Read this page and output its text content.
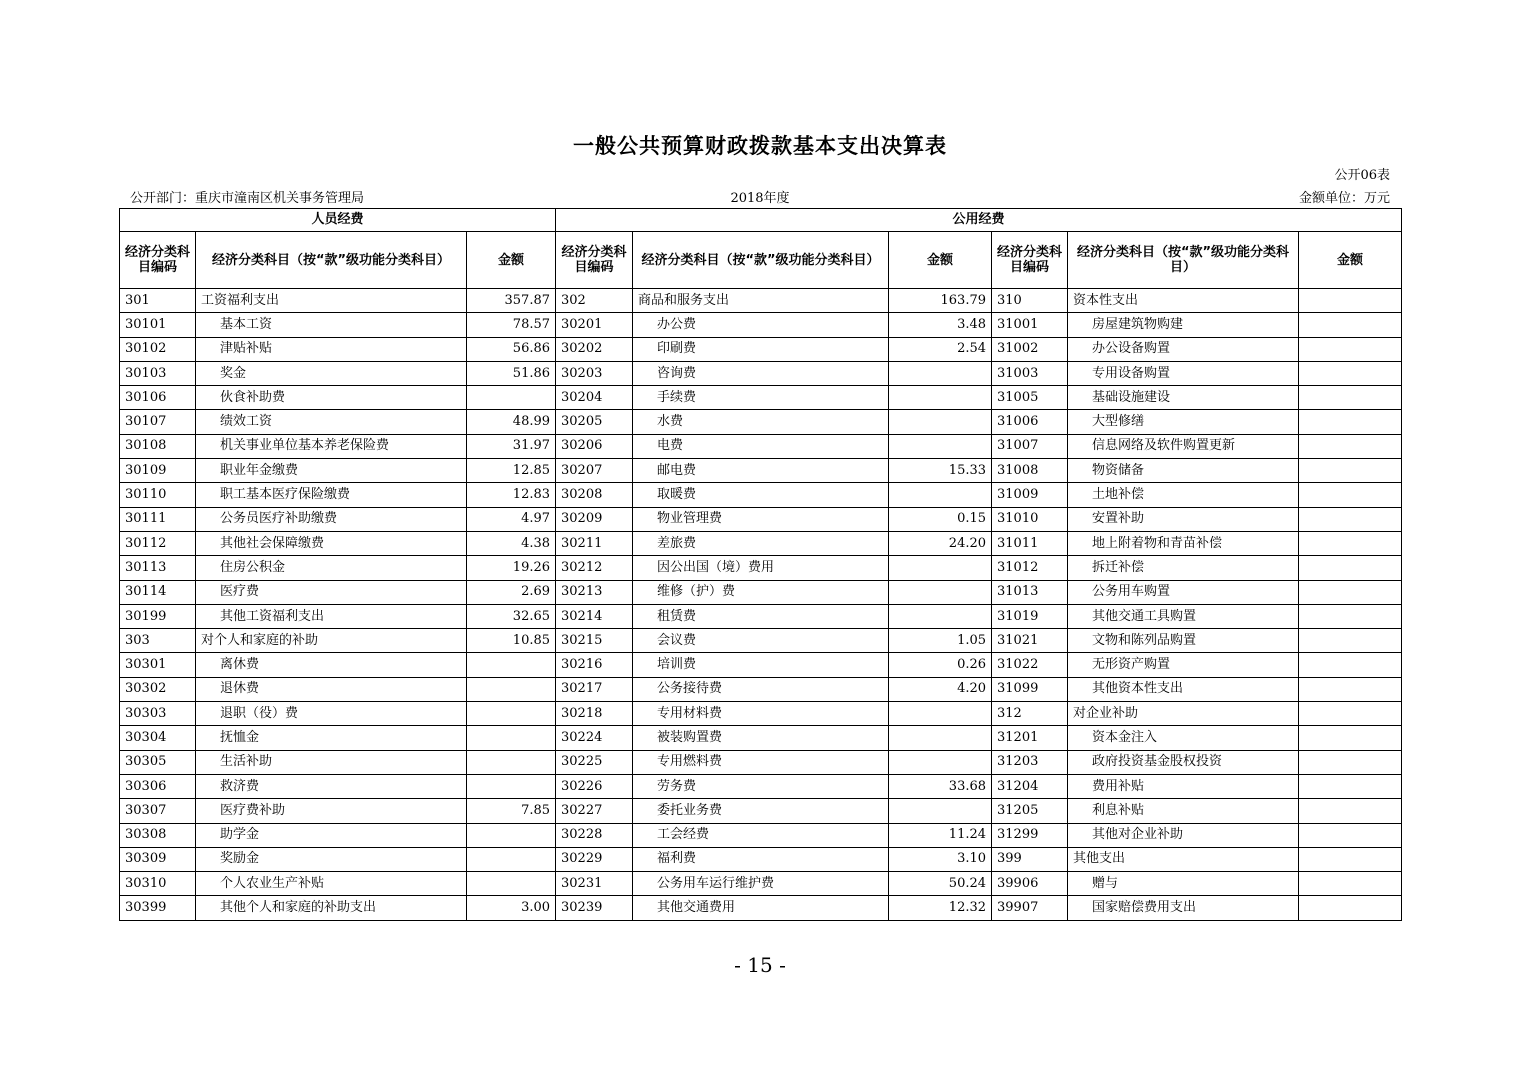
一般公共预算财政拨款基本支出决算表
公开06表
公开部门：重庆市潼南区机关事务管理局	2018年度	金额单位：万元
人员经费			公用经费					
经济分类科目编码	经济分类科目（按“款”级功能分类科目）	金额	经济分类科目编码	经济分类科目（按“款”级功能分类科目）	金额	经济分类科目编码	经济分类科目（按“款”级功能分类科目）	金额
301	工资福利支出	357.87	302	商品和服务支出	163.79	310	资本性支出	
30101	基本工资	78.57	30201	办公费	3.48	31001	房屋建筑物购建	
30102	津贴补贴	56.86	30202	印刷费	2.54	31002	办公设备购置	
30103	奖金	51.86	30203	咨询费		31003	专用设备购置	
30106	伙食补助费		30204	手续费		31005	基础设施建设	
30107	绩效工资	48.99	30205	水费		31006	大型修缮	
30108	机关事业单位基本养老保险费	31.97	30206	电费		31007	信息网络及软件购置更新	
30109	职业年金缴费	12.85	30207	邮电费	15.33	31008	物资储备	
30110	职工基本医疗保险缴费	12.83	30208	取暖费		31009	土地补偿	
30111	公务员医疗补助缴费	4.97	30209	物业管理费	0.15	31010	安置补助	
30112	其他社会保障缴费	4.38	30211	差旅费	24.20	31011	地上附着物和青苗补偿	
30113	住房公积金	19.26	30212	因公出国（境）费用		31012	拆迁补偿	
30114	医疗费	2.69	30213	维修（护）费		31013	公务用车购置	
30199	其他工资福利支出	32.65	30214	租赁费		31019	其他交通工具购置	
303	对个人和家庭的补助	10.85	30215	会议费	1.05	31021	文物和陈列品购置	
30301	离休费		30216	培训费	0.26	31022	无形资产购置	
30302	退休费		30217	公务接待费	4.20	31099	其他资本性支出	
30303	退职（役）费		30218	专用材料费		312	对企业补助	
30304	抚恤金		30224	被装购置费		31201	资本金注入	
30305	生活补助		30225	专用燃料费		31203	政府投资基金股权投资	
30306	救济费		30226	劳务费	33.68	31204	费用补贴	
30307	医疗费补助	7.85	30227	委托业务费		31205	利息补贴	
30308	助学金		30228	工会经费	11.24	31299	其他对企业补助	
30309	奖励金		30229	福利费	3.10	399	其他支出	
30310	个人农业生产补贴		30231	公务用车运行维护费	50.24	39906	赠与	
30399	其他个人和家庭的补助支出	3.00	30239	其他交通费用	12.32	39907	国家赔偿费用支出	
- 15 -
